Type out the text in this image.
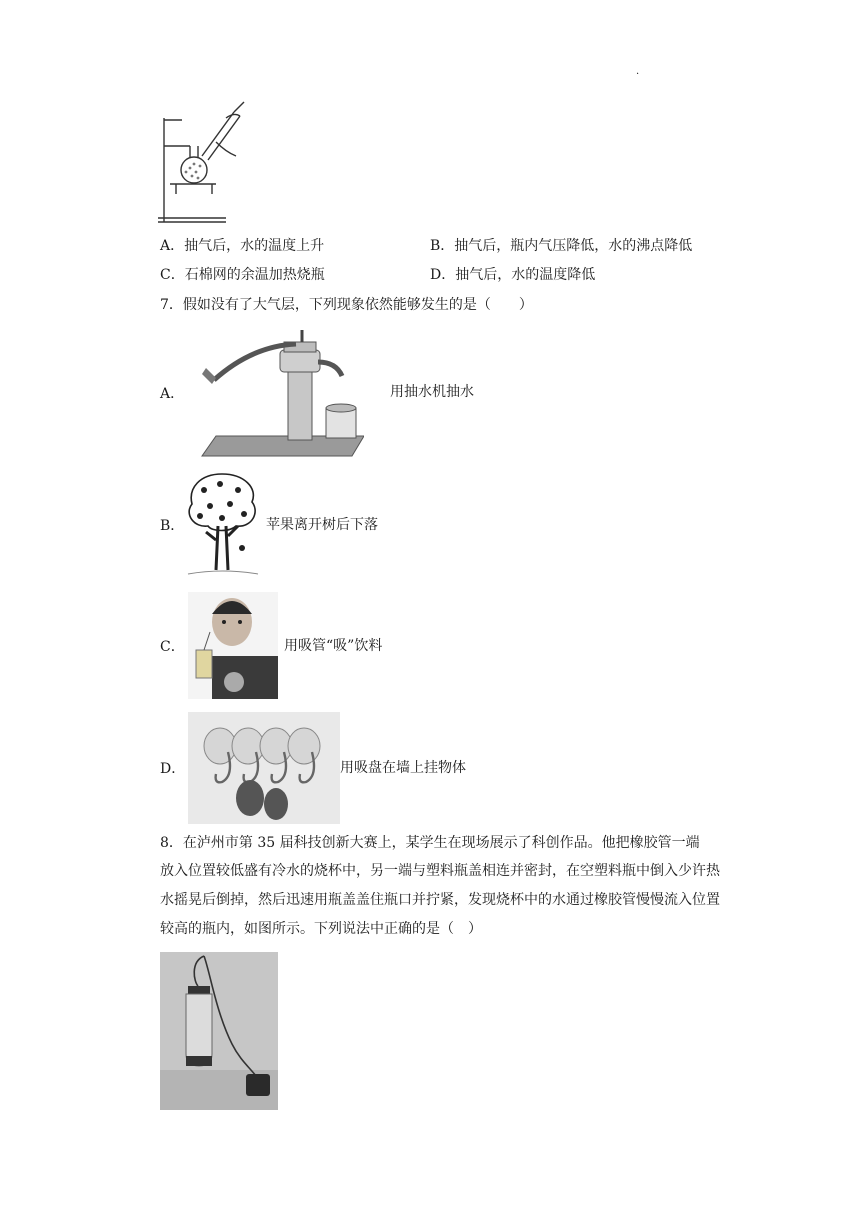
.
A．抽气后，水的温度上升	B．抽气后，瓶内气压降低，水的沸点降低
C．石棉网的余温加热烧瓶	D．抽气后，水的温度降低
7．假如没有了大气层，下列现象依然能够发生的是（　　）
A．	用抽水机抽水
B．	苹果离开树后下落
C．	用吸管“吸”饮料
D．	用吸盘在墙上挂物体
8．在泸州市第 35 届科技创新大赛上，某学生在现场展示了科创作品。他把橡胶管一端
放入位置较低盛有冷水的烧杯中，另一端与塑料瓶盖相连并密封，在空塑料瓶中倒入少许热
水摇晃后倒掉，然后迅速用瓶盖盖住瓶口并拧紧，发现烧杯中的水通过橡胶管慢慢流入位置
较高的瓶内，如图所示。下列说法中正确的是（　）
